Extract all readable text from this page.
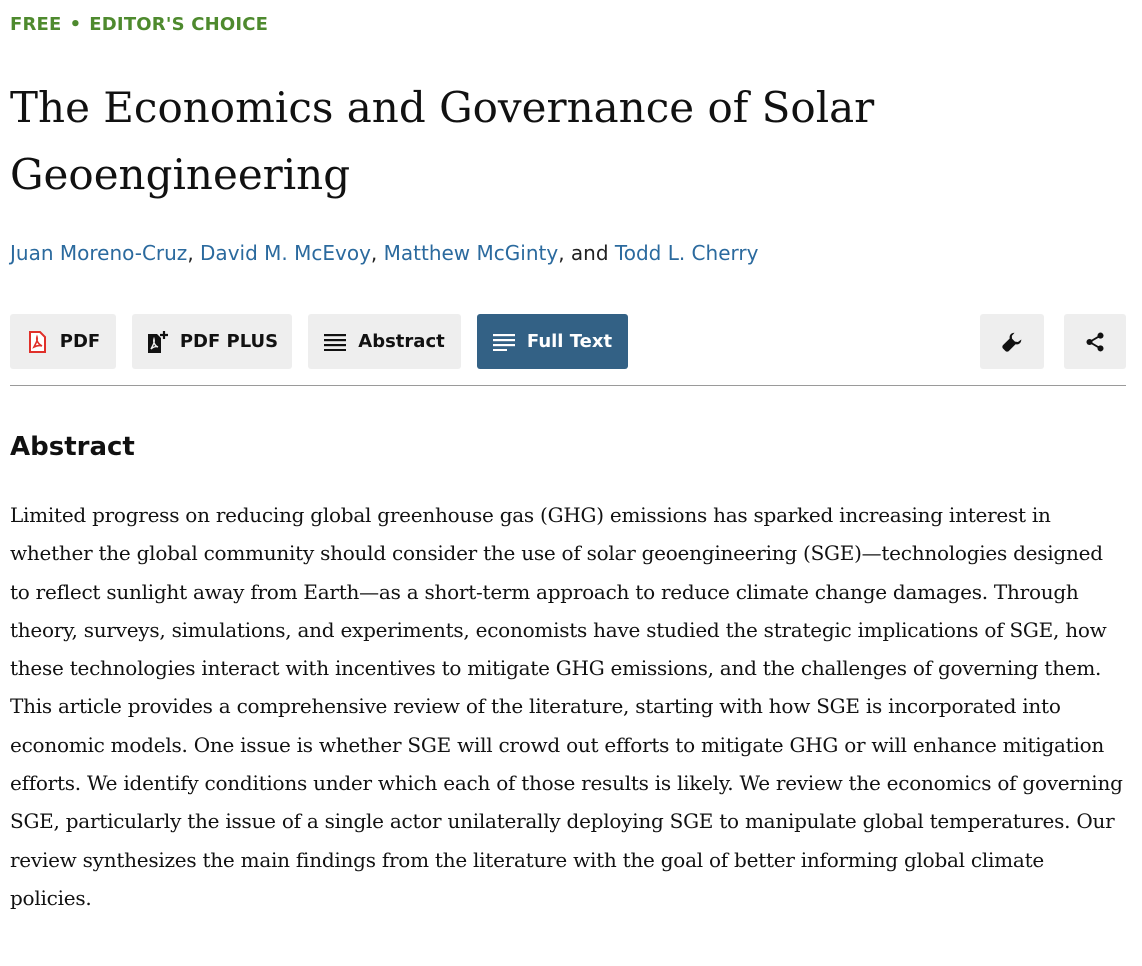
FREE • EDITOR'S CHOICE
The Economics and Governance of Solar Geoengineering
Juan Moreno-Cruz, David M. McEvoy, Matthew McGinty, and Todd L. Cherry
PDF	PDF PLUS	Abstract	Full Text
Abstract

Limited progress on reducing global greenhouse gas (GHG) emissions has sparked increasing interest in whether the global community should consider the use of solar geoengineering (SGE)—technologies designed to reflect sunlight away from Earth—as a short-term approach to reduce climate change damages. Through theory, surveys, simulations, and experiments, economists have studied the strategic implications of SGE, how these technologies interact with incentives to mitigate GHG emissions, and the challenges of governing them. This article provides a comprehensive review of the literature, starting with how SGE is incorporated into economic models. One issue is whether SGE will crowd out efforts to mitigate GHG or will enhance mitigation efforts. We identify conditions under which each of those results is likely. We review the economics of governing SGE, particularly the issue of a single actor unilaterally deploying SGE to manipulate global temperatures. Our review synthesizes the main findings from the literature with the goal of better informing global climate policies.
